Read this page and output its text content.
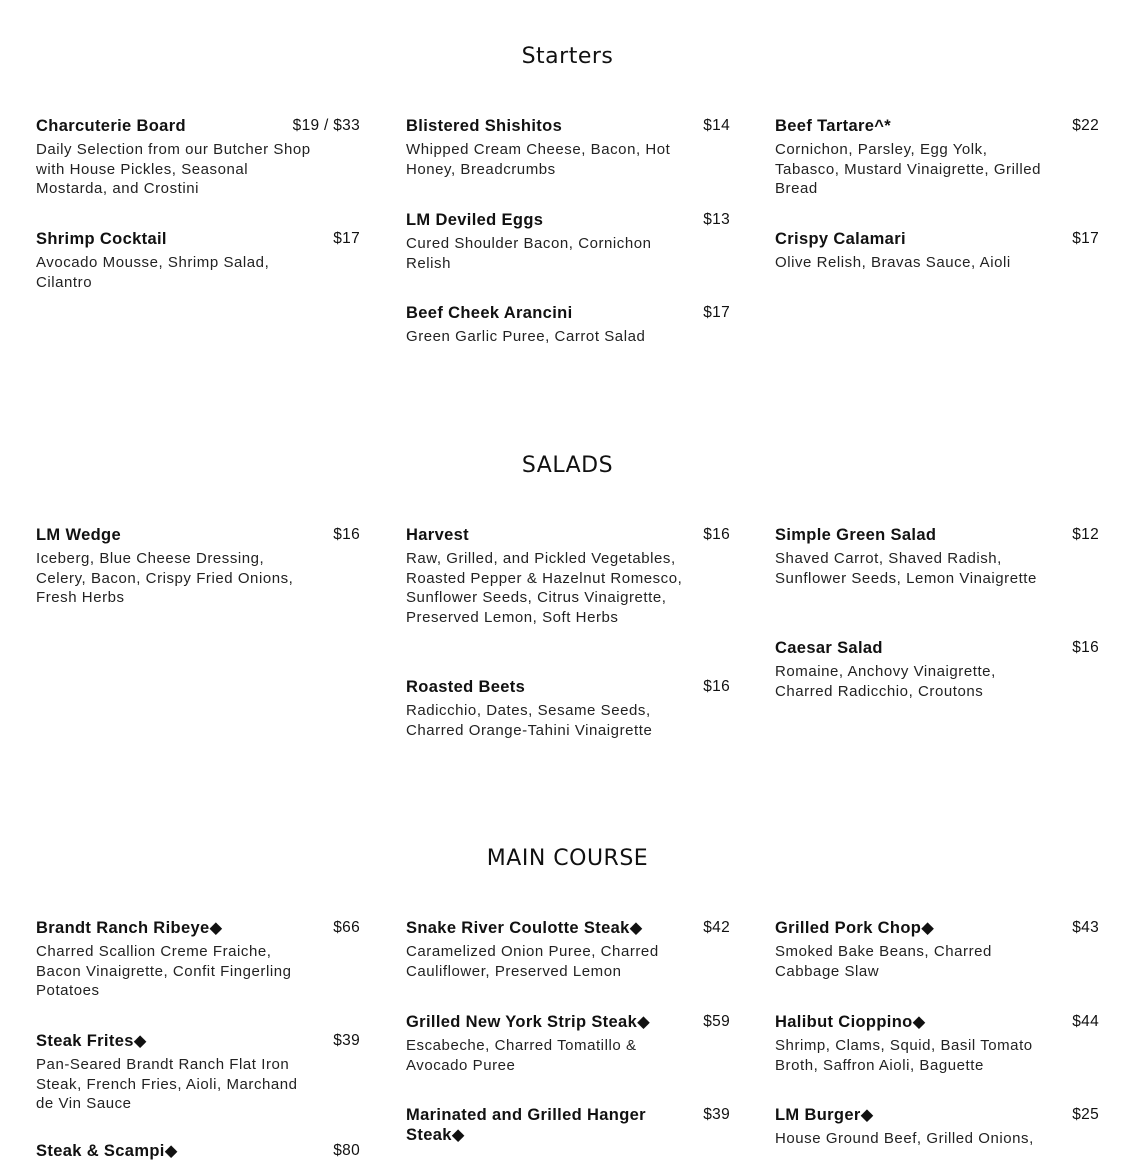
Starters
Charcuterie Board	$19 / $33
Daily Selection from our Butcher Shop with House Pickles, Seasonal Mostarda, and Crostini
Shrimp Cocktail	$17
Avocado Mousse, Shrimp Salad, Cilantro
Blistered Shishitos	$14
Whipped Cream Cheese, Bacon, Hot Honey, Breadcrumbs
LM Deviled Eggs	$13
Cured Shoulder Bacon, Cornichon Relish
Beef Cheek Arancini	$17
Green Garlic Puree, Carrot Salad
Beef Tartare^*	$22
Cornichon, Parsley, Egg Yolk, Tabasco, Mustard Vinaigrette, Grilled Bread
Crispy Calamari	$17
Olive Relish, Bravas Sauce, Aioli
SALADS
LM Wedge	$16
Iceberg, Blue Cheese Dressing, Celery, Bacon, Crispy Fried Onions, Fresh Herbs
Harvest	$16
Raw, Grilled, and Pickled Vegetables, Roasted Pepper & Hazelnut Romesco, Sunflower Seeds, Citrus Vinaigrette, Preserved Lemon, Soft Herbs
Roasted Beets	$16
Radicchio, Dates, Sesame Seeds, Charred Orange-Tahini Vinaigrette
Simple Green Salad	$12
Shaved Carrot, Shaved Radish, Sunflower Seeds, Lemon Vinaigrette
Caesar Salad	$16
Romaine, Anchovy Vinaigrette, Charred Radicchio, Croutons
MAIN COURSE
Brandt Ranch Ribeye◆	$66
Charred Scallion Creme Fraiche, Bacon Vinaigrette, Confit Fingerling Potatoes
Steak Frites◆	$39
Pan-Seared Brandt Ranch Flat Iron Steak, French Fries, Aioli, Marchand de Vin Sauce
Steak & Scampi◆	$80
Snake River Coulotte Steak◆	$42
Caramelized Onion Puree, Charred Cauliflower, Preserved Lemon
Grilled New York Strip Steak◆	$59
Escabeche, Charred Tomatillo & Avocado Puree
Marinated and Grilled Hanger Steak◆
$39
Grilled Pork Chop◆	$43
Smoked Bake Beans, Charred Cabbage Slaw
Halibut Cioppino◆	$44
Shrimp, Clams, Squid, Basil Tomato Broth, Saffron Aioli, Baguette
LM Burger◆	$25
House Ground Beef, Grilled Onions,
